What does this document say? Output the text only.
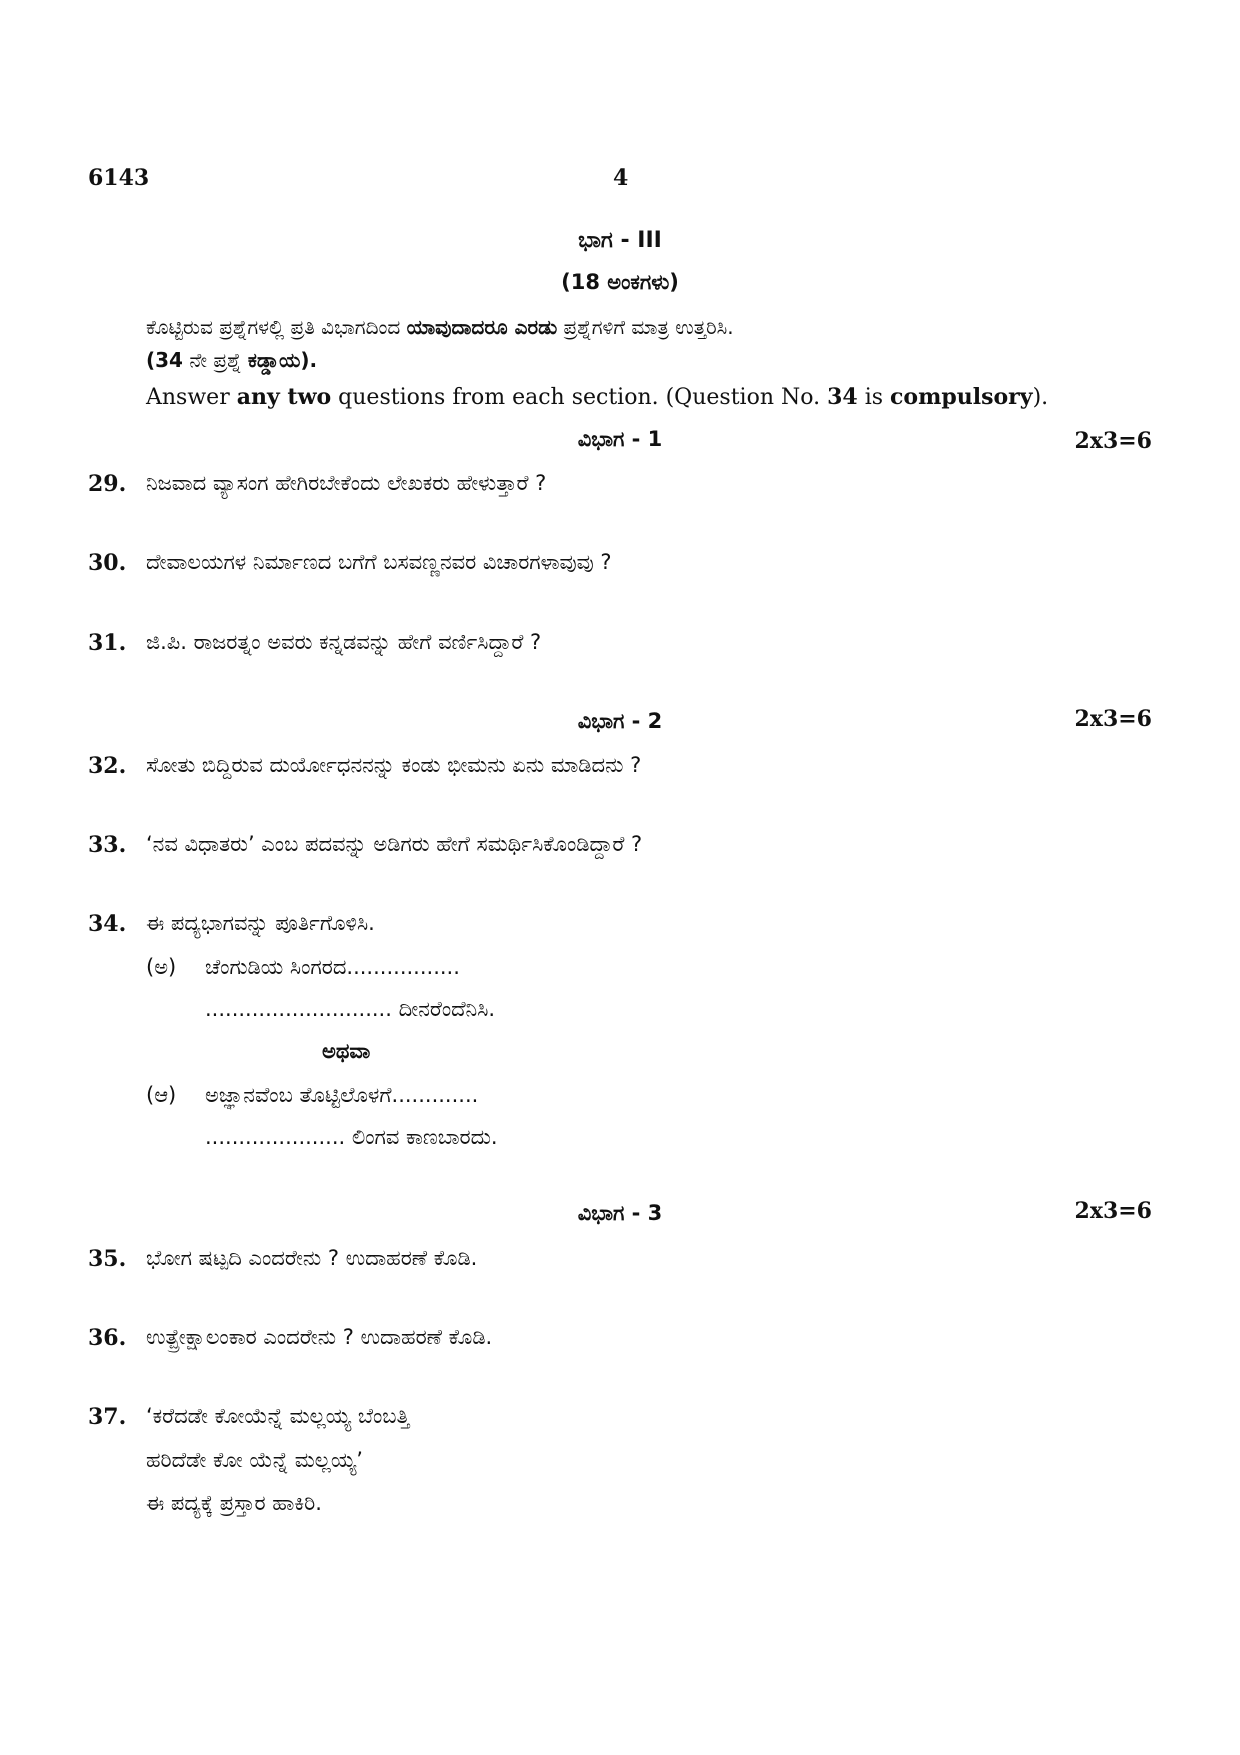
6143	4
ಭಾಗ - III
(18 ಅಂಕಗಳು)
ಕೊಟ್ಟಿರುವ ಪ್ರಶ್ನೆಗಳಲ್ಲಿ ಪ್ರತಿ ವಿಭಾಗದಿಂದ ಯಾವುದಾದರೂ ಎರಡು ಪ್ರಶ್ನೆಗಳಿಗೆ ಮಾತ್ರ ಉತ್ತರಿಸಿ.
(34 ನೇ ಪ್ರಶ್ನೆ ಕಡ್ಡಾಯ).
Answer any two questions from each section. (Question No. 34 is compulsory).
ವಿಭಾಗ - 1	2x3=6
29. ನಿಜವಾದ ವ್ಯಾಸಂಗ ಹೇಗಿರಬೇಕೆಂದು ಲೇಖಕರು ಹೇಳುತ್ತಾರೆ ?
30. ದೇವಾಲಯಗಳ ನಿರ್ಮಾಣದ ಬಗೆಗೆ ಬಸವಣ್ಣನವರ ವಿಚಾರಗಳಾವುವು ?
31. ಜಿ.ಪಿ. ರಾಜರತ್ನಂ ಅವರು ಕನ್ನಡವನ್ನು ಹೇಗೆ ವರ್ಣಿಸಿದ್ದಾರೆ ?
ವಿಭಾಗ - 2	2x3=6
32. ಸೋತು ಬಿದ್ದಿರುವ ದುರ್ಯೋಧನನನ್ನು ಕಂಡು ಭೀಮನು ಏನು ಮಾಡಿದನು ?
33. ‘ನವ ವಿಧಾತರು’ ಎಂಬ ಪದವನ್ನು ಅಡಿಗರು ಹೇಗೆ ಸಮರ್ಥಿಸಿಕೊಂಡಿದ್ದಾರೆ ?
34. ಈ ಪದ್ಯಭಾಗವನ್ನು ಪೂರ್ತಿಗೊಳಿಸಿ.
(ಅ) ಚೆಂಗುಡಿಯ ಸಿಂಗರದ.................
............................ ದೀನರೆಂದೆನಿಸಿ.
ಅಥವಾ
(ಆ) ಅಜ್ಞಾನವೆಂಬ ತೊಟ್ಟಿಲೊಳಗೆ.............
..................... ಲಿಂಗವ ಕಾಣಬಾರದು.
ವಿಭಾಗ - 3	2x3=6
35. ಭೋಗ ಷಟ್ಪದಿ ಎಂದರೇನು ? ಉದಾಹರಣೆ ಕೊಡಿ.
36. ಉತ್ಪ್ರೇಕ್ಷಾಲಂಕಾರ ಎಂದರೇನು ? ಉದಾಹರಣೆ ಕೊಡಿ.
37. ‘ಕರೆದಡೇ ಕೋಯೆನ್ನೆ ಮಲ್ಲಯ್ಯ ಬೆಂಬತ್ತಿ
ಹರಿದೆಡೇ ಕೋ ಯೆನ್ನೆ ಮಲ್ಲಯ್ಯ’
ಈ ಪದ್ಯಕ್ಕೆ ಪ್ರಸ್ತಾರ ಹಾಕಿರಿ.
